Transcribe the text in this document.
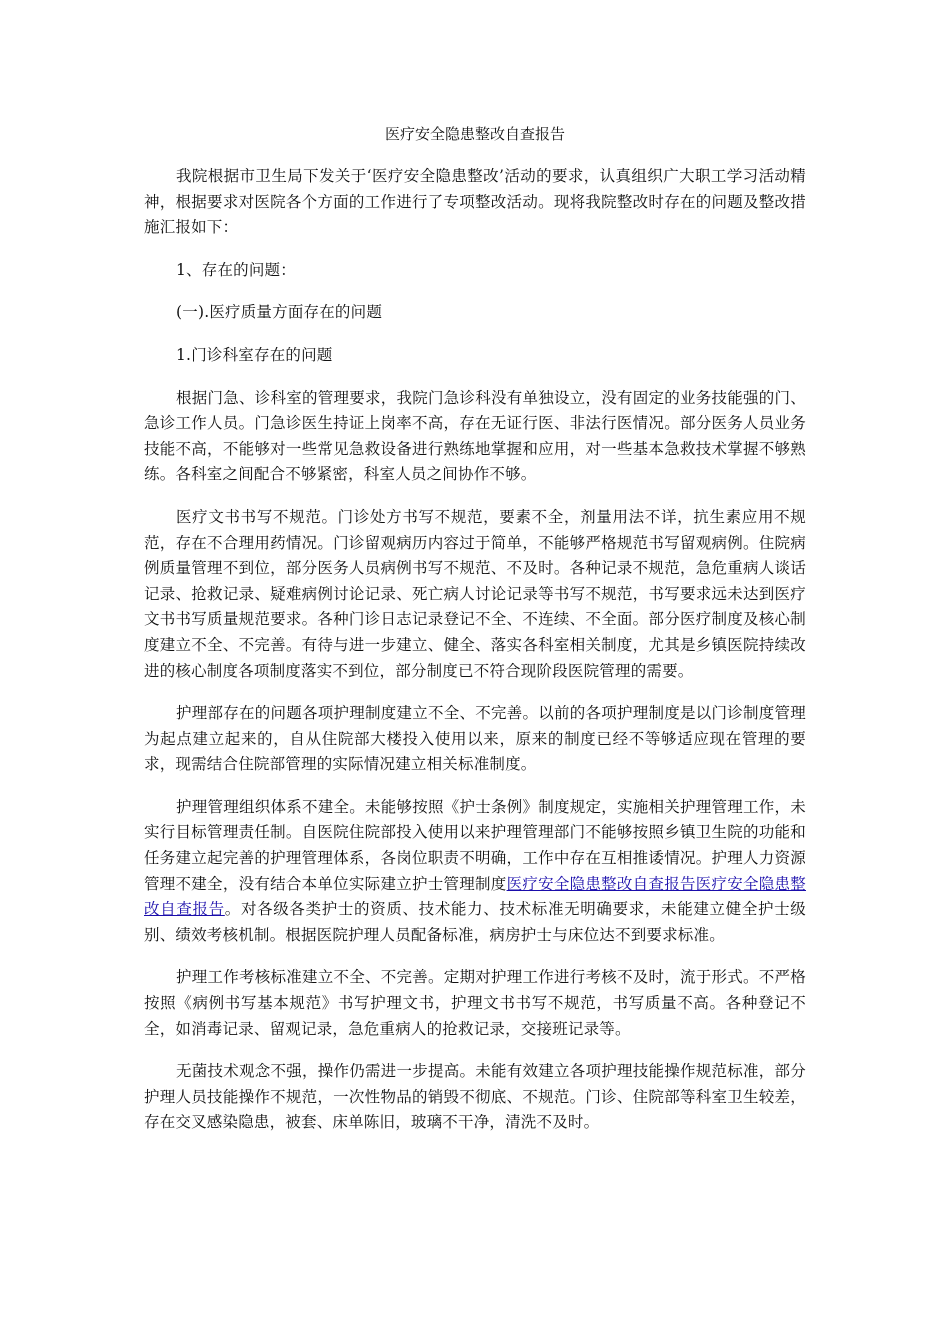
医疗安全隐患整改自查报告

我院根据市卫生局下发关于‘医疗安全隐患整改’活动的要求，认真组织广大职工学习活动精神，根据要求对医院各个方面的工作进行了专项整改活动。现将我院整改时存在的问题及整改措施汇报如下：

1、存在的问题：

(一).医疗质量方面存在的问题

1.门诊科室存在的问题

根据门急、诊科室的管理要求，我院门急诊科没有单独设立，没有固定的业务技能强的门、急诊工作人员。门急诊医生持证上岗率不高，存在无证行医、非法行医情况。部分医务人员业务技能不高，不能够对一些常见急救设备进行熟练地掌握和应用，对一些基本急救技术掌握不够熟练。各科室之间配合不够紧密，科室人员之间协作不够。

医疗文书书写不规范。门诊处方书写不规范，要素不全，剂量用法不详，抗生素应用不规范，存在不合理用药情况。门诊留观病历内容过于简单，不能够严格规范书写留观病例。住院病例质量管理不到位，部分医务人员病例书写不规范、不及时。各种记录不规范，急危重病人谈话记录、抢救记录、疑难病例讨论记录、死亡病人讨论记录等书写不规范，书写要求远未达到医疗文书书写质量规范要求。各种门诊日志记录登记不全、不连续、不全面。部分医疗制度及核心制度建立不全、不完善。有待与进一步建立、健全、落实各科室相关制度，尤其是乡镇医院持续改进的核心制度各项制度落实不到位，部分制度已不符合现阶段医院管理的需要。

护理部存在的问题各项护理制度建立不全、不完善。以前的各项护理制度是以门诊制度管理为起点建立起来的，自从住院部大楼投入使用以来，原来的制度已经不等够适应现在管理的要求，现需结合住院部管理的实际情况建立相关标准制度。

护理管理组织体系不建全。未能够按照《护士条例》制度规定，实施相关护理管理工作，未实行目标管理责任制。自医院住院部投入使用以来护理管理部门不能够按照乡镇卫生院的功能和任务建立起完善的护理管理体系，各岗位职责不明确，工作中存在互相推诿情况。护理人力资源管理不建全，没有结合本单位实际建立护士管理制度医疗安全隐患整改自查报告医疗安全隐患整改自查报告。对各级各类护士的资质、技术能力、技术标准无明确要求，未能建立健全护士级别、绩效考核机制。根据医院护理人员配备标准，病房护士与床位达不到要求标准。

护理工作考核标准建立不全、不完善。定期对护理工作进行考核不及时，流于形式。不严格按照《病例书写基本规范》书写护理文书，护理文书书写不规范，书写质量不高。各种登记不全，如消毒记录、留观记录，急危重病人的抢救记录，交接班记录等。

无菌技术观念不强，操作仍需进一步提高。未能有效建立各项护理技能操作规范标准，部分护理人员技能操作不规范，一次性物品的销毁不彻底、不规范。门诊、住院部等科室卫生较差，存在交叉感染隐患，被套、床单陈旧，玻璃不干净，清洗不及时。
